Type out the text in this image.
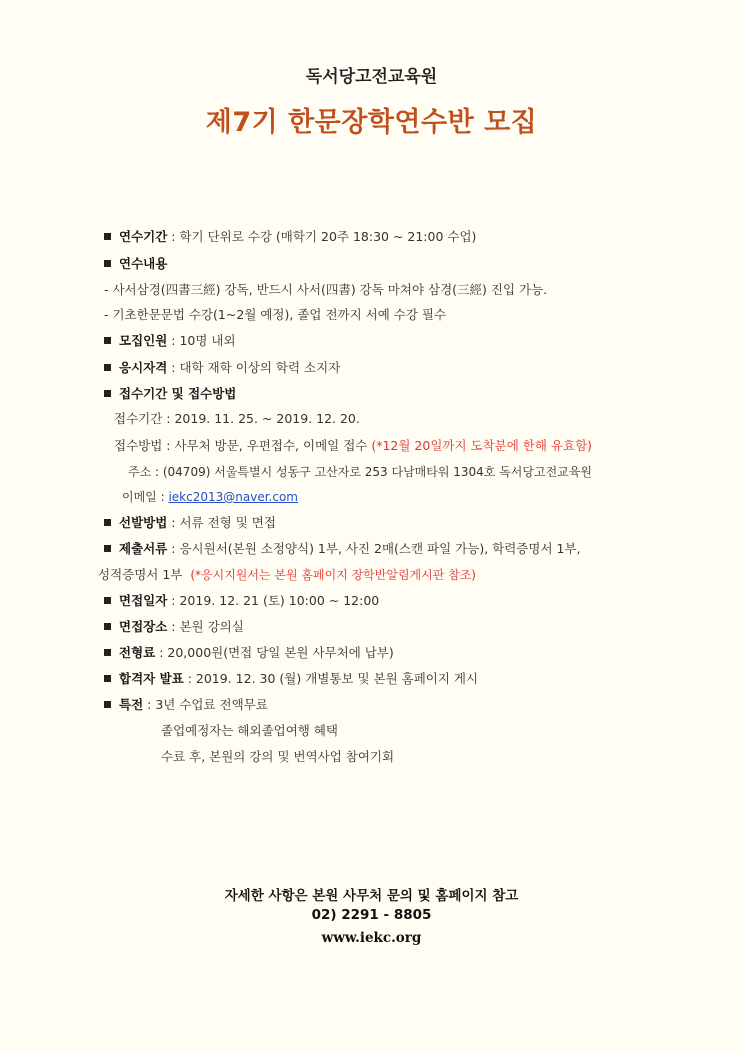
독서당고전교육원
제7기 한문장학연수반 모집
연수기간 : 학기 단위로 수강 (매학기 20주 18:30 ~ 21:00 수업)
연수내용
- 사서삼경(四書三經) 강독, 반드시 사서(四書) 강독 마쳐야 삼경(三經) 진입 가능.
- 기초한문문법 수강(1~2월 예정), 졸업 전까지 서예 수강 필수
모집인원 : 10명 내외
응시자격 : 대학 재학 이상의 학력 소지자
접수기간 및 접수방법
접수기간 : 2019. 11. 25. ~ 2019. 12. 20.
접수방법 : 사무처 방문, 우편접수, 이메일 접수 (*12월 20일까지 도착분에 한해 유효함)
주소 : (04709) 서울특별시 성동구 고산자로 253 다남매타워 1304호 독서당고전교육원
이메일 : iekc2013@naver.com
선발방법 : 서류 전형 및 면접
제출서류 : 응시원서(본원 소정양식) 1부, 사진 2매(스캔 파일 가능), 학력증명서 1부,
성적증명서 1부 (*응시지원서는 본원 홈페이지 장학반알림게시판 참조)
면접일자 : 2019. 12. 21 (토) 10:00 ~ 12:00
면접장소 : 본원 강의실
전형료 : 20,000원(면접 당일 본원 사무처에 납부)
합격자 발표 : 2019. 12. 30 (월) 개별통보 및 본원 홈페이지 게시
특전 : 3년 수업료 전액무료
졸업예정자는 해외졸업여행 혜택
수료 후, 본원의 강의 및 번역사업 참여기회
자세한 사항은 본원 사무처 문의 및 홈페이지 참고
02) 2291 - 8805
www.iekc.org
